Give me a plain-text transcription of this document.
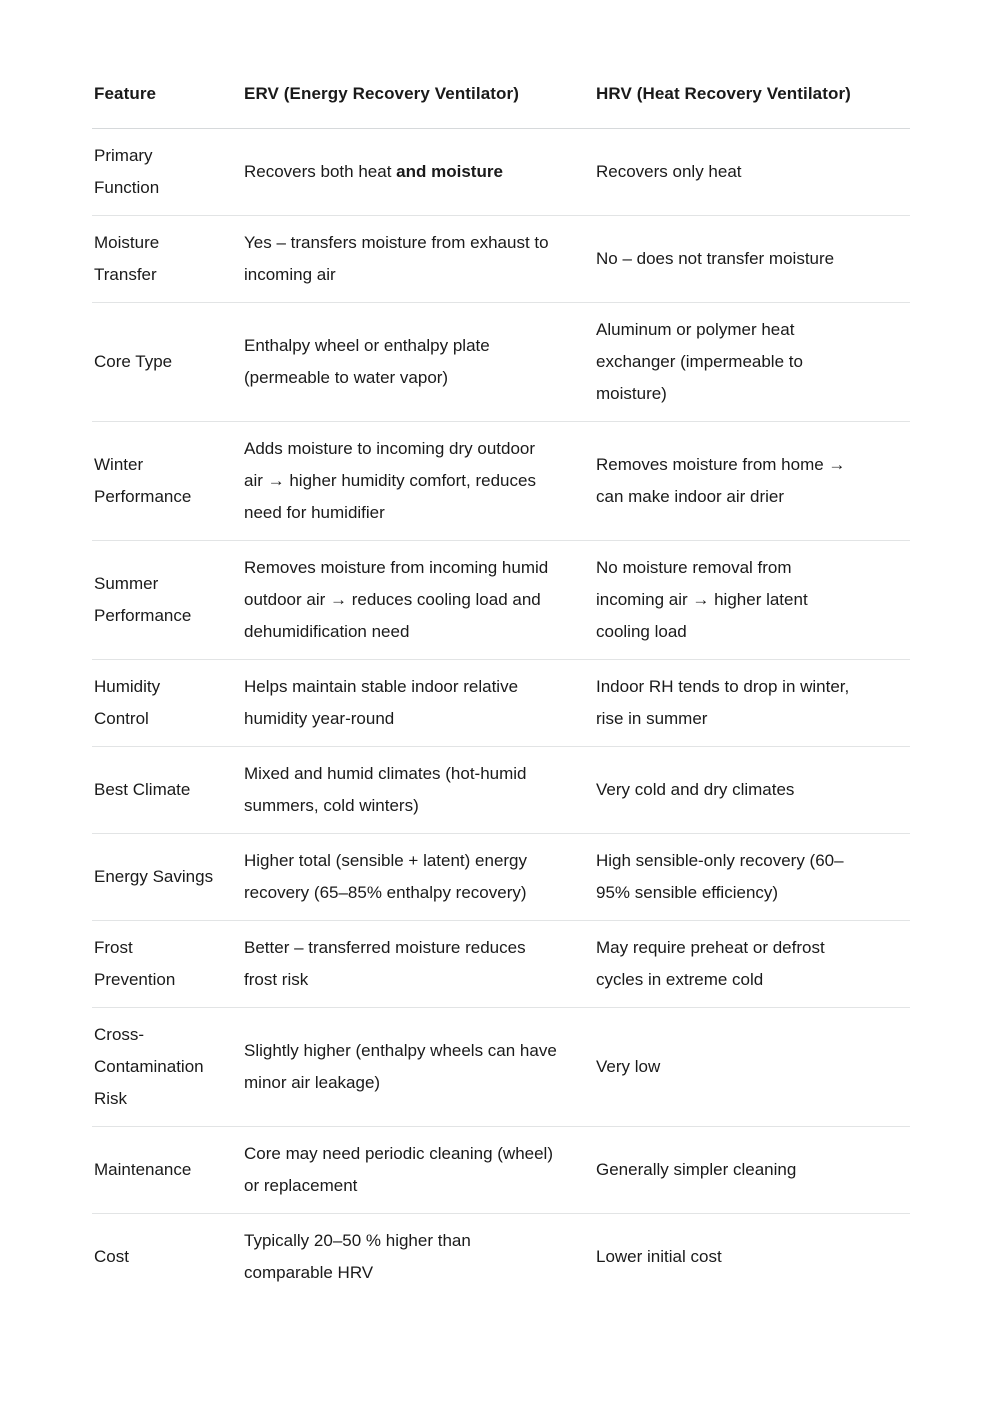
Feature	ERV (Energy Recovery Ventilator)	HRV (Heat Recovery Ventilator)
Primary Function	Recovers both heat and moisture	Recovers only heat
Moisture Transfer	Yes – transfers moisture from exhaust to incoming air	No – does not transfer moisture
Core Type	Enthalpy wheel or enthalpy plate (permeable to water vapor)	Aluminum or polymer heat exchanger (impermeable to moisture)
Winter Performance	Adds moisture to incoming dry outdoor air → higher humidity comfort, reduces need for humidifier	Removes moisture from home → can make indoor air drier
Summer Performance	Removes moisture from incoming humid outdoor air → reduces cooling load and dehumidification need	No moisture removal from incoming air → higher latent cooling load
Humidity Control	Helps maintain stable indoor relative humidity year-round	Indoor RH tends to drop in winter, rise in summer
Best Climate	Mixed and humid climates (hot-humid summers, cold winters)	Very cold and dry climates
Energy Savings	Higher total (sensible + latent) energy recovery (65–85% enthalpy recovery)	High sensible-only recovery (60–95% sensible efficiency)
Frost Prevention	Better – transferred moisture reduces frost risk	May require preheat or defrost cycles in extreme cold
Cross-Contamination Risk	Slightly higher (enthalpy wheels can have minor air leakage)	Very low
Maintenance	Core may need periodic cleaning (wheel) or replacement	Generally simpler cleaning
Cost	Typically 20–50 % higher than comparable HRV	Lower initial cost
